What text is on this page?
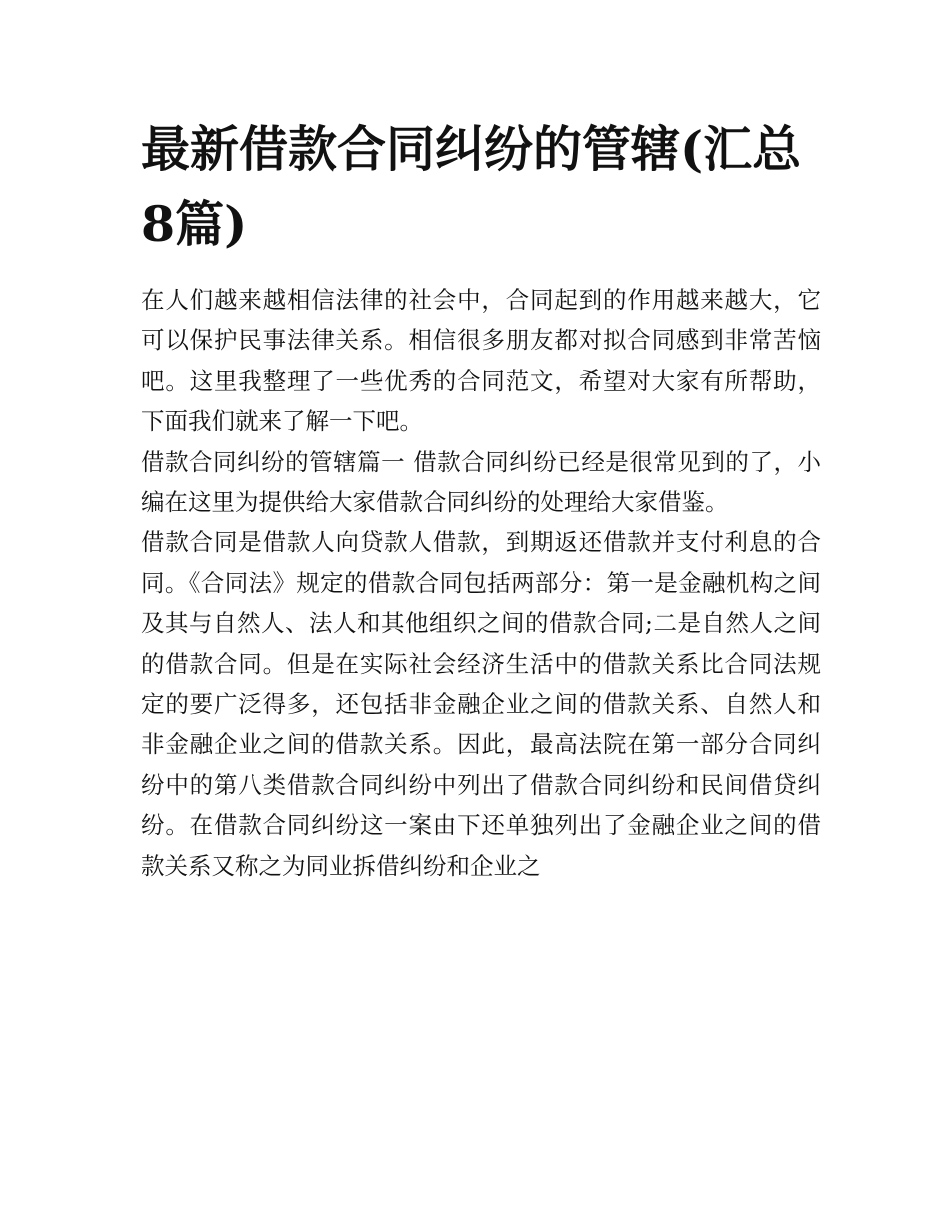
最新借款合同纠纷的管辖(汇总8篇)

在人们越来越相信法律的社会中，合同起到的作用越来越大，它可以保护民事法律关系。相信很多朋友都对拟合同感到非常苦恼吧。这里我整理了一些优秀的合同范文，希望对大家有所帮助，下面我们就来了解一下吧。

借款合同纠纷的管辖篇一 借款合同纠纷已经是很常见到的了，小编在这里为提供给大家借款合同纠纷的处理给大家借鉴。

借款合同是借款人向贷款人借款，到期返还借款并支付利息的合同。《合同法》规定的借款合同包括两部分：第一是金融机构之间及其与自然人、法人和其他组织之间的借款合同;二是自然人之间的借款合同。但是在实际社会经济生活中的借款关系比合同法规定的要广泛得多，还包括非金融企业之间的借款关系、自然人和非金融企业之间的借款关系。因此，最高法院在第一部分合同纠纷中的第八类借款合同纠纷中列出了借款合同纠纷和民间借贷纠纷。在借款合同纠纷这一案由下还单独列出了金融企业之间的借款关系又称之为同业拆借纠纷和企业之
